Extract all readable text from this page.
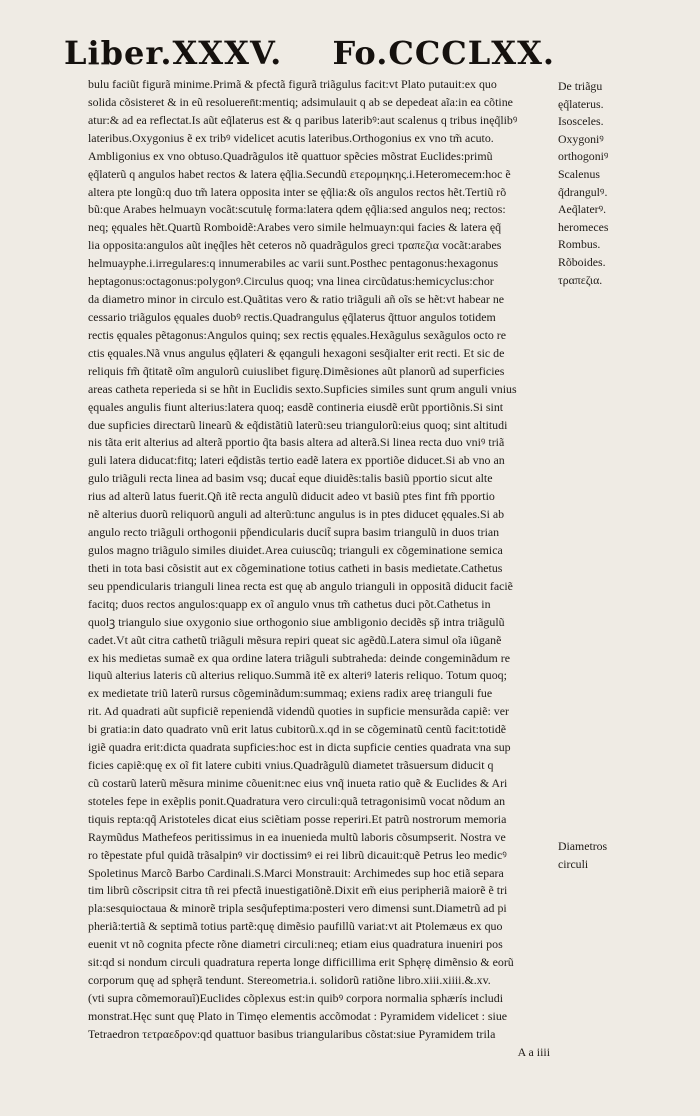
Liber.XXXV. Fo.CCCLXX.
bulu faciũt figurã minime.Primã & pfectã figurã triãgulus facit:vt Plato putauit:ex quo
solida cõsisteret & in eũ resolueren̄t:mentiq; adsimulauit q ab se depedeat aĩa:in ea cõtine
atur:& ad ea reflectat.Is aũt eq̃laterus est & q paribus lateribꝰ:aut scalenus q tribus inęq̃libꝰ
lateribus.Oxygonius ẽ ex tribꝰ videlicet acutis lateribus.Orthogonius ex vno tm̃ acuto.
Ambligonius ex vno obtuso.Quadrãgulos itẽ quattuor spẽcies mõstrat Euclides:primũ
ęq̃laterũ q angulos habet rectos & latera ęq̃lia.Secundũ ετερομηκης.i.Heteromecem:hoc ẽ
altera pte longũ:q duo tm̃ latera opposita inter se ęq̃lia:& oĩs angulos rectos hẽt.Tertiũ rõ
bũ:que Arabes helmuayn vocãt:scutulę forma:latera qdem ęq̃lia:sed angulos neq; rectos:
neq; ęquales hẽt.Quartũ Romboidẽ:Arabes vero simile helmuayn:qui facies & latera ęq̃
lia opposita:angulos aũt inęq̃les hẽt ceteros nõ quadrãgulos greci τραπεζια vocãt:arabes
helmuayphe.i.irregulares:q innumerabiles ac varii sunt.Posthec pentagonus:hexagonus
heptagonus:octagonus:polygonꝰ.Circulus quoq; vna linea circũdatus:hemicyclus:chor
da diametro minor in circulo est.Quãtitas vero & ratio triãguli añ oĩs se hẽt:vt habear ne
cessario triãgulos ęquales duobꝰ rectis.Quadrangulus ęq̃laterus q̃ttuor angulos totidem
rectis ęquales pẽtagonus:Angulos quinq; sex rectis ęquales.Hexãgulus sexãgulos octo re
ctis ęquales.Nã vnus angulus ęq̃lateri & ęqanguli hexagoni sesq̃ialter erit recti. Et sic de
reliquis fm̃ q̃titatẽ oĩm angulorũ cuiuslibet figurę.Dimẽsiones aũt planorũ ad superficies
areas catheta reperieda si se hñt in Euclidis sexto.Supficies similes sunt qrum anguli vnius
ęquales angulis fiunt alterius:latera quoq; easdẽ contineria eiusdẽ erũt pportiõnis.Si sint
due supficies directarũ linearũ & eq̃distãtiũ laterũ:seu triangulorũ:eius quoq; sint altitudi
nis tãta erit alterius ad alterã pportio q̃ta basis altera ad alterã.Si linea recta duo vniꝰ triã
guli latera diducat:fitq; lateri eq̃distãs tertio eadẽ latera ex pportiõe diducet.Si ab vno an
gulo triãguli recta linea ad basim vsq; ducaṫ eque diuidẽs:talis basiũ pportio sicut alte
rius ad alterũ latus fuerit.Qñ itẽ recta angulũ diducit adeo vt basiũ ptes fint fm̃ pportio
nẽ alterius duorũ reliquorũ anguli ad alterũ:tunc angulus is in ptes diducet ęquales.Si ab
angulo recto triãguli orthogonii pp̃endicularis ducit̃ supra basim triangulũ in duos trian
gulos magno triãgulo similes diuidet.Area cuiuscũq; trianguli ex cõgeminatione semica
theti in tota basi cõsistit aut ex cõgeminatione totius catheti in basis medietate.Cathetus
seu ppendicularis trianguli linea recta est quę ab angulo trianguli in oppositã diducit faciẽ
facitq; duos rectos angulos:quapp ex oĩ angulo vnus tm̃ cathetus duci põt.Cathetus in
quolꝫ triangulo siue oxygonio siue orthogonio siue ambligonio decidẽs sp̃ intra triãgulũ
cadet.Vt aũt citra cathetũ triãguli mẽsura repiri queat sic agẽdũ.Latera simul oĩa iũganẽ
ex his medietas sumaẽ ex qua ordine latera triãguli subtraheda: deinde congeminãdum re
liquũ alterius lateris cũ alterius reliquo.Summã itẽ ex alteriꝰ lateris reliquo. Totum quoq;
ex medietate triũ laterũ rursus cõgeminãdum:summaq; exiens radix areę trianguli fue
rit. Ad quadrati aũt supficiẽ repeniendã videndũ quoties in supficie mensurãda capiẽ: ver
bi gratia:in dato quadrato vnũ erit latus cubitorũ.x.qd in se cõgeminatũ centũ facit:totidẽ
igiẽ quadra erit:dicta quadrata supficies:hoc est in dicta supficie centies quadrata vna sup
ficies capiẽ:quę ex oĩ fit latere cubiti vnius.Quadrãgulũ diametet trãsuersum diducit q
cũ costarũ laterũ mẽsura minime cõuenit:nec eius vnq̃ inueta ratio quẽ & Euclides & Ari
stoteles fepe in exẽplis ponit.Quadratura vero circuli:quã tetragonisimũ vocat nõdum an
tiquis repta:qq̃ Aristoteles dicat eius sciẽtiam posse reperiri.Et patrũ nostrorum memoria
Raymũdus Mathefeos peritissimus in ea inuenieda multũ laboris cõsumpserit. Nostra ve
ro tẽpestate pful quidã trãsalpinꝰ vir doctissimꝰ ei rei librũ dicauit:quẽ Petrus leo medicꝰ
Spoletinus Marcõ Barbo Cardinali.S.Marci Monstrauit: Archimedes sup hoc etiã separa
tim librũ cõscripsit citra tñ rei pfectã inuestigatiõnẽ.Dixit em̃ eius peripheriã maiorẽ ẽ tri
pla:sesquioctaua & minorẽ tripla sesq̃ufeptima:posteri vero dimensi sunt.Diametrũ ad pi
pheriã:tertiã & septimã totius partẽ:quę dimẽsio paufillũ variat:vt ait Ptolemæus ex quo
euenit vt nõ cognita pfecte rõne diametri circuli:neq; etiam eius quadratura inueniri pos
sit:qd si nondum circuli quadratura reperta longe difficillima erit Sphęrę dimẽnsio & eorũ
corporum quę ad sphęrã tendunt. Stereometria.i. solidorũ ratiõne libro.xiii.xiiii.&.xv.
(vti supra cõmemorauĩ)Euclides cõplexus est:in quibꝰ corpora normalia sphærís includi
monstrat.Hęc sunt quę Plato in Timęo elementis accõmodat : Pyramidem videlicet : siue
Tetraedron τετραεδρον:qd quattuor basibus triangularibus cõstat:siue Pyramidem trila
A a iiii
De triãgu
ęq̃laterus.
Isosceles.
Oxygoniꝰ
orthogoniꝰ
Scalenus
q̃drangulꝰ.
Aeq̃laterꝰ.
heromeces
Rombus.
Rõboides.
τραπεζια.
Diametros
circuli
